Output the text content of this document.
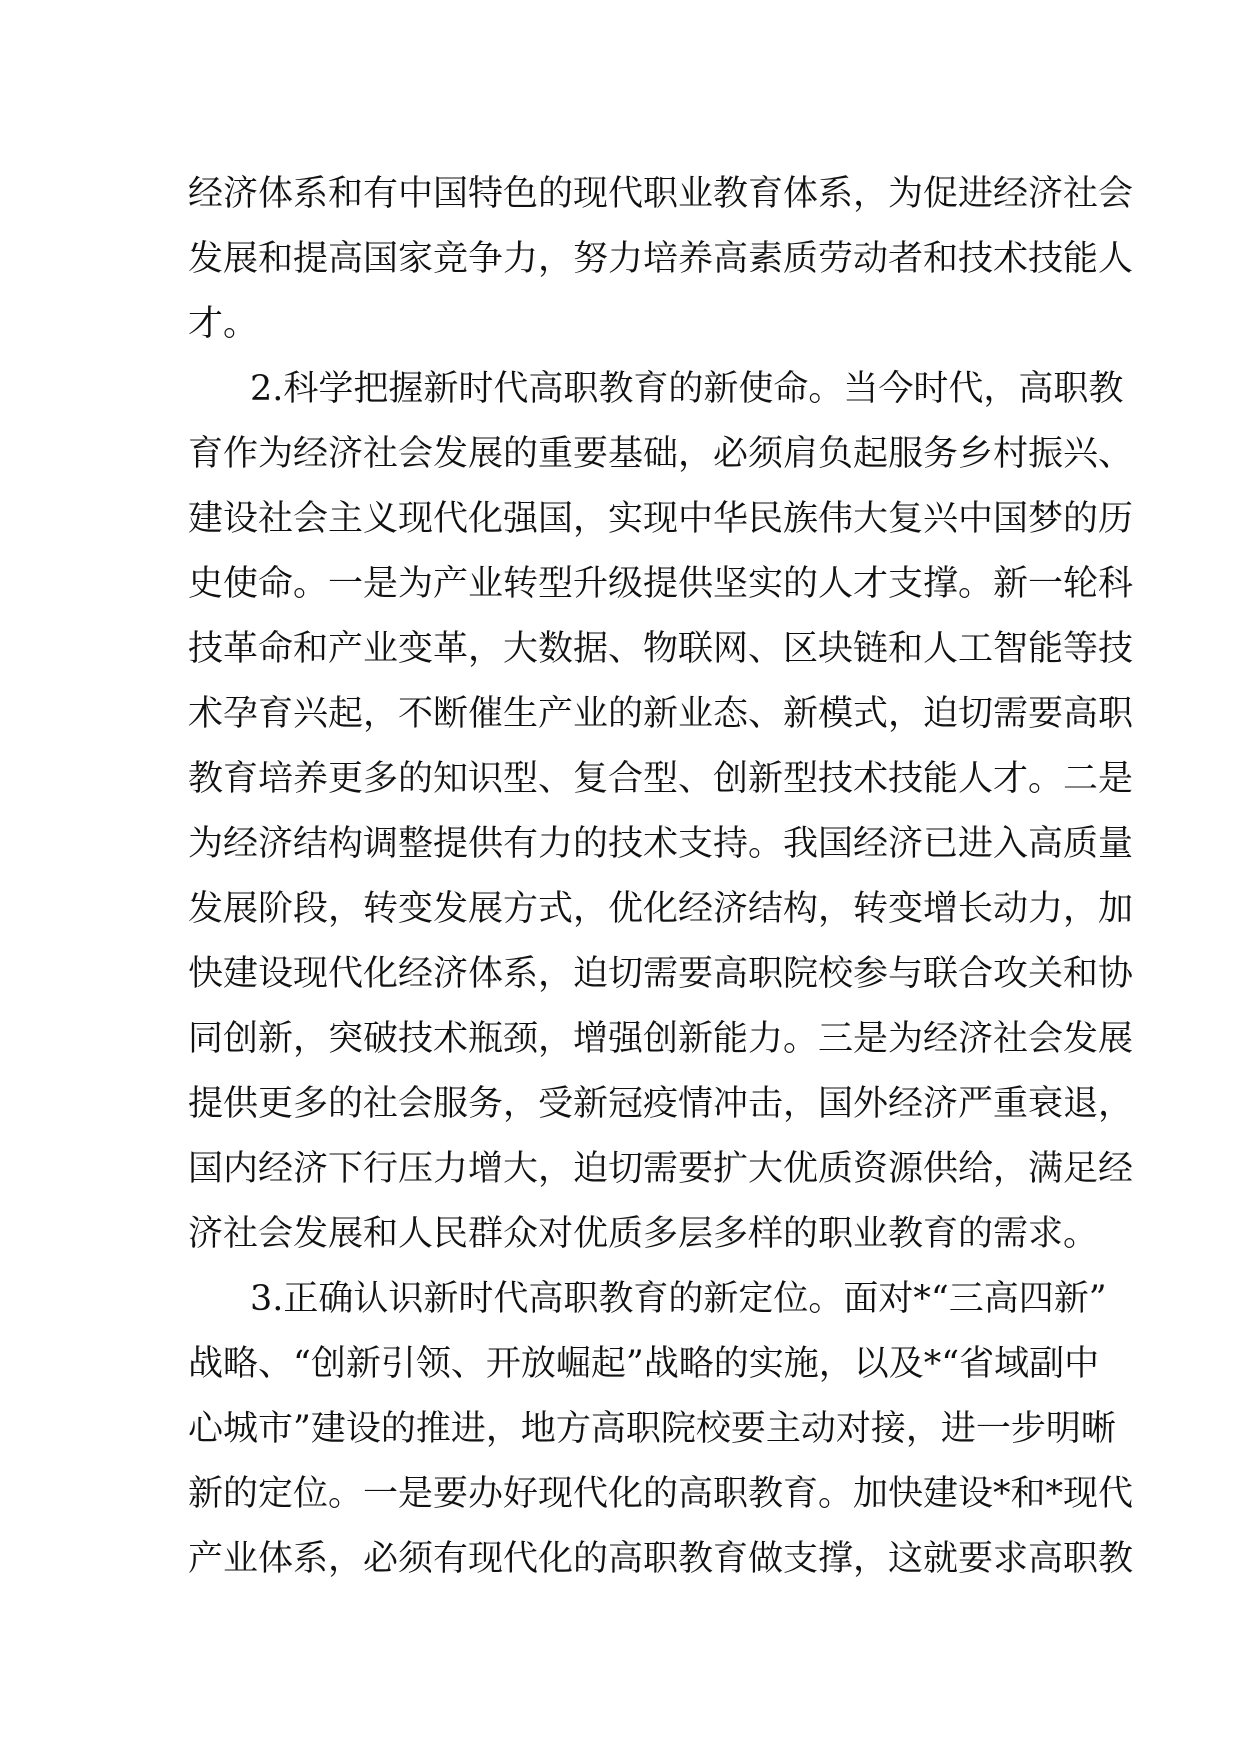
经济体系和有中国特色的现代职业教育体系，为促进经济社会
发展和提高国家竞争力，努力培养高素质劳动者和技术技能人
才。
2.科学把握新时代高职教育的新使命。当今时代，高职教
育作为经济社会发展的重要基础，必须肩负起服务乡村振兴、
建设社会主义现代化强国，实现中华民族伟大复兴中国梦的历
史使命。一是为产业转型升级提供坚实的人才支撑。新一轮科
技革命和产业变革，大数据、物联网、区块链和人工智能等技
术孕育兴起，不断催生产业的新业态、新模式，迫切需要高职
教育培养更多的知识型、复合型、创新型技术技能人才。二是
为经济结构调整提供有力的技术支持。我国经济已进入高质量
发展阶段，转变发展方式，优化经济结构，转变增长动力，加
快建设现代化经济体系，迫切需要高职院校参与联合攻关和协
同创新，突破技术瓶颈，增强创新能力。三是为经济社会发展
提供更多的社会服务，受新冠疫情冲击，国外经济严重衰退，
国内经济下行压力增大，迫切需要扩大优质资源供给，满足经
济社会发展和人民群众对优质多层多样的职业教育的需求。
3.正确认识新时代高职教育的新定位。面对*“三高四新”
战略、“创新引领、开放崛起”战略的实施，以及*“省域副中
心城市”建设的推进，地方高职院校要主动对接，进一步明晰
新的定位。一是要办好现代化的高职教育。加快建设*和*现代
产业体系，必须有现代化的高职教育做支撑，这就要求高职教
